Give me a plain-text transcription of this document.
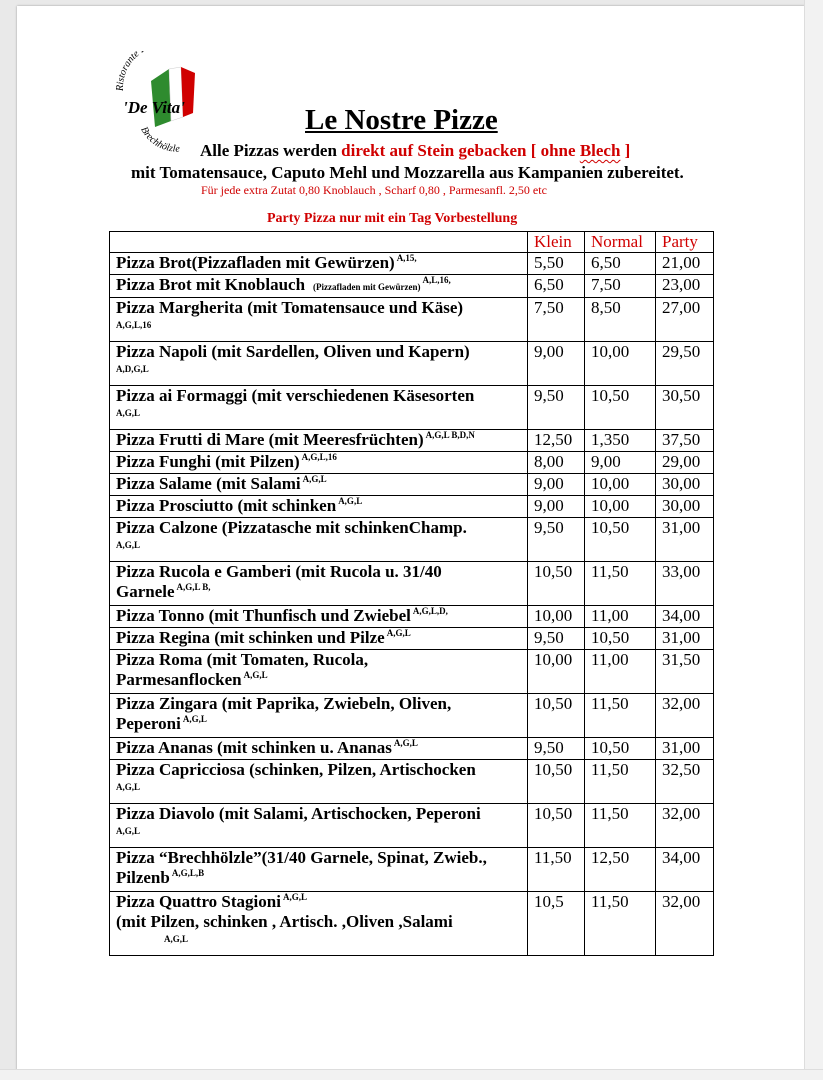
Ristorante
'De Vita'
Brechhölzle
Le Nostre Pizze
Alle Pizzas werden direkt auf Stein gebacken [ ohne Blech ]
mit Tomatensauce, Caputo Mehl und Mozzarella aus Kampanien zubereitet.
Für jede extra Zutat 0,80 Knoblauch , Scharf 0,80 , Parmesanfl. 2,50 etc
Party Pizza nur mit ein Tag Vorbestellung
	Klein	Normal	Party
Pizza Brot(Pizzafladen mit Gewürzen) $^{A,15,}$	5,50	6,50	21,00
Pizza Brot mit Knoblauch (Pizzafladen mit Gewürzen)$^{A,L,16,}$	6,50	7,50	23,00
Pizza Margherita (mit Tomatensauce und Käse)
A,G,L,16	7,50	8,50	27,00
Pizza Napoli (mit Sardellen, Oliven und Kapern)
A,D,G,L	9,00	10,00	29,50
Pizza ai Formaggi (mit verschiedenen Käsesorten
A,G,L	9,50	10,50	30,50
Pizza Frutti di Mare (mit Meeresfrüchten) $^{A,G,L B,D,N}$	12,50	1,350	37,50
Pizza Funghi (mit Pilzen) $^{A,G,L,16}$	8,00	9,00	29,00
Pizza Salame (mit Salami $^{A,G,L}$	9,00	10,00	30,00
Pizza Prosciutto (mit schinken $^{A,G,L}$	9,00	10,00	30,00
Pizza Calzone (Pizzatasche mit schinkenChamp.
A,G,L	9,50	10,50	31,00
Pizza Rucola e Gamberi (mit Rucola u. 31/40 Garnele $^{A,G,L B,}$	10,50	11,50	33,00
Pizza Tonno (mit Thunfisch und Zwiebel $^{A,G,L,D,}$	10,00	11,00	34,00
Pizza Regina (mit schinken und Pilze $^{A,G,L}$	9,50	10,50	31,00
Pizza Roma (mit Tomaten, Rucola, Parmesanflocken $^{A,G,L}$	10,00	11,00	31,50
Pizza Zingara (mit Paprika, Zwiebeln, Oliven, Peperoni $^{A,G,L}$	10,50	11,50	32,00
Pizza Ananas (mit schinken u. Ananas $^{A,G,L}$	9,50	10,50	31,00
Pizza Capricciosa (schinken, Pilzen, Artischocken
A,G,L	10,50	11,50	32,50
Pizza Diavolo (mit Salami, Artischocken, Peperoni
A,G,L	10,50	11,50	32,00
Pizza “Brechhölzle”(31/40 Garnele, Spinat, Zwieb., Pilzenb $^{A,G,L,B}$	11,50	12,50	34,00
Pizza Quattro Stagioni $^{A,G,L}$
(mit Pilzen, schinken , Artisch. ,Oliven ,Salami
A,G,L	10,5	11,50	32,00
